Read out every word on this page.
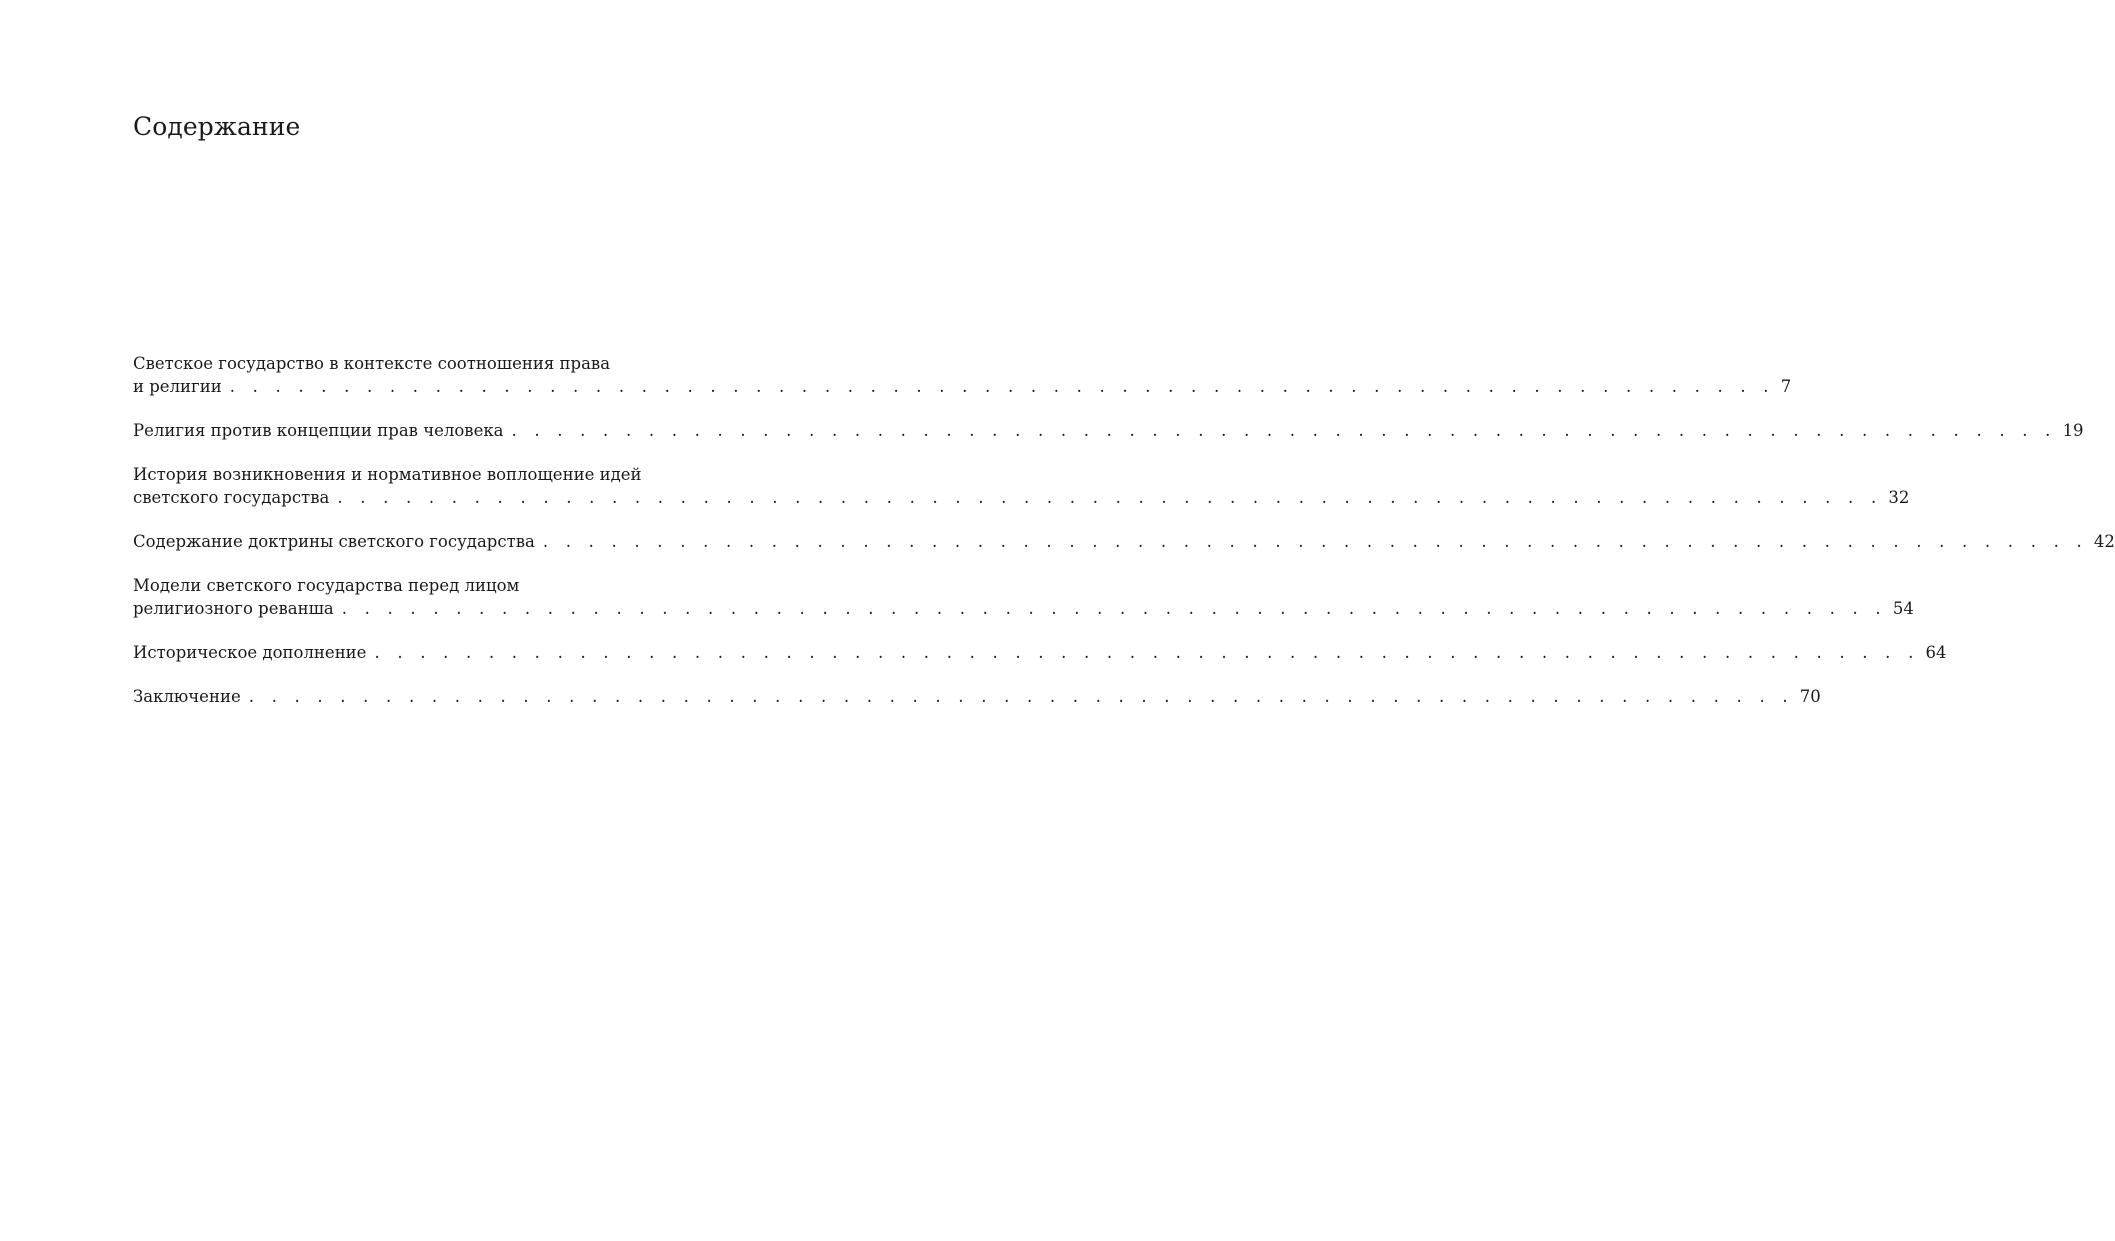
Содержание
Светское государство в контексте соотношения права
и религии . . . . . . . . . . . . . . . . . . . . . . . . . . . . . . . . . . . . . . . . . . . . . . . . . . . . . . . . . . . . . . . . . . . . 7
Религия против концепции прав человека . . . . . . . . . . . . . . . . . . . . . . . . . . . . . . . . . . . . . . . . . . . . . . . . . . . . . . . . . . . . . . . . . . . . 19
История возникновения и нормативное воплощение идей
светского государства . . . . . . . . . . . . . . . . . . . . . . . . . . . . . . . . . . . . . . . . . . . . . . . . . . . . . . . . . . . . . . . . . . . . 32
Содержание доктрины светского государства . . . . . . . . . . . . . . . . . . . . . . . . . . . . . . . . . . . . . . . . . . . . . . . . . . . . . . . . . . . . . . . . . . . . 42
Модели светского государства перед лицом
религиозного реванша . . . . . . . . . . . . . . . . . . . . . . . . . . . . . . . . . . . . . . . . . . . . . . . . . . . . . . . . . . . . . . . . . . . . 54
Историческое дополнение . . . . . . . . . . . . . . . . . . . . . . . . . . . . . . . . . . . . . . . . . . . . . . . . . . . . . . . . . . . . . . . . . . . . 64
Заключение . . . . . . . . . . . . . . . . . . . . . . . . . . . . . . . . . . . . . . . . . . . . . . . . . . . . . . . . . . . . . . . . . . . . 70
